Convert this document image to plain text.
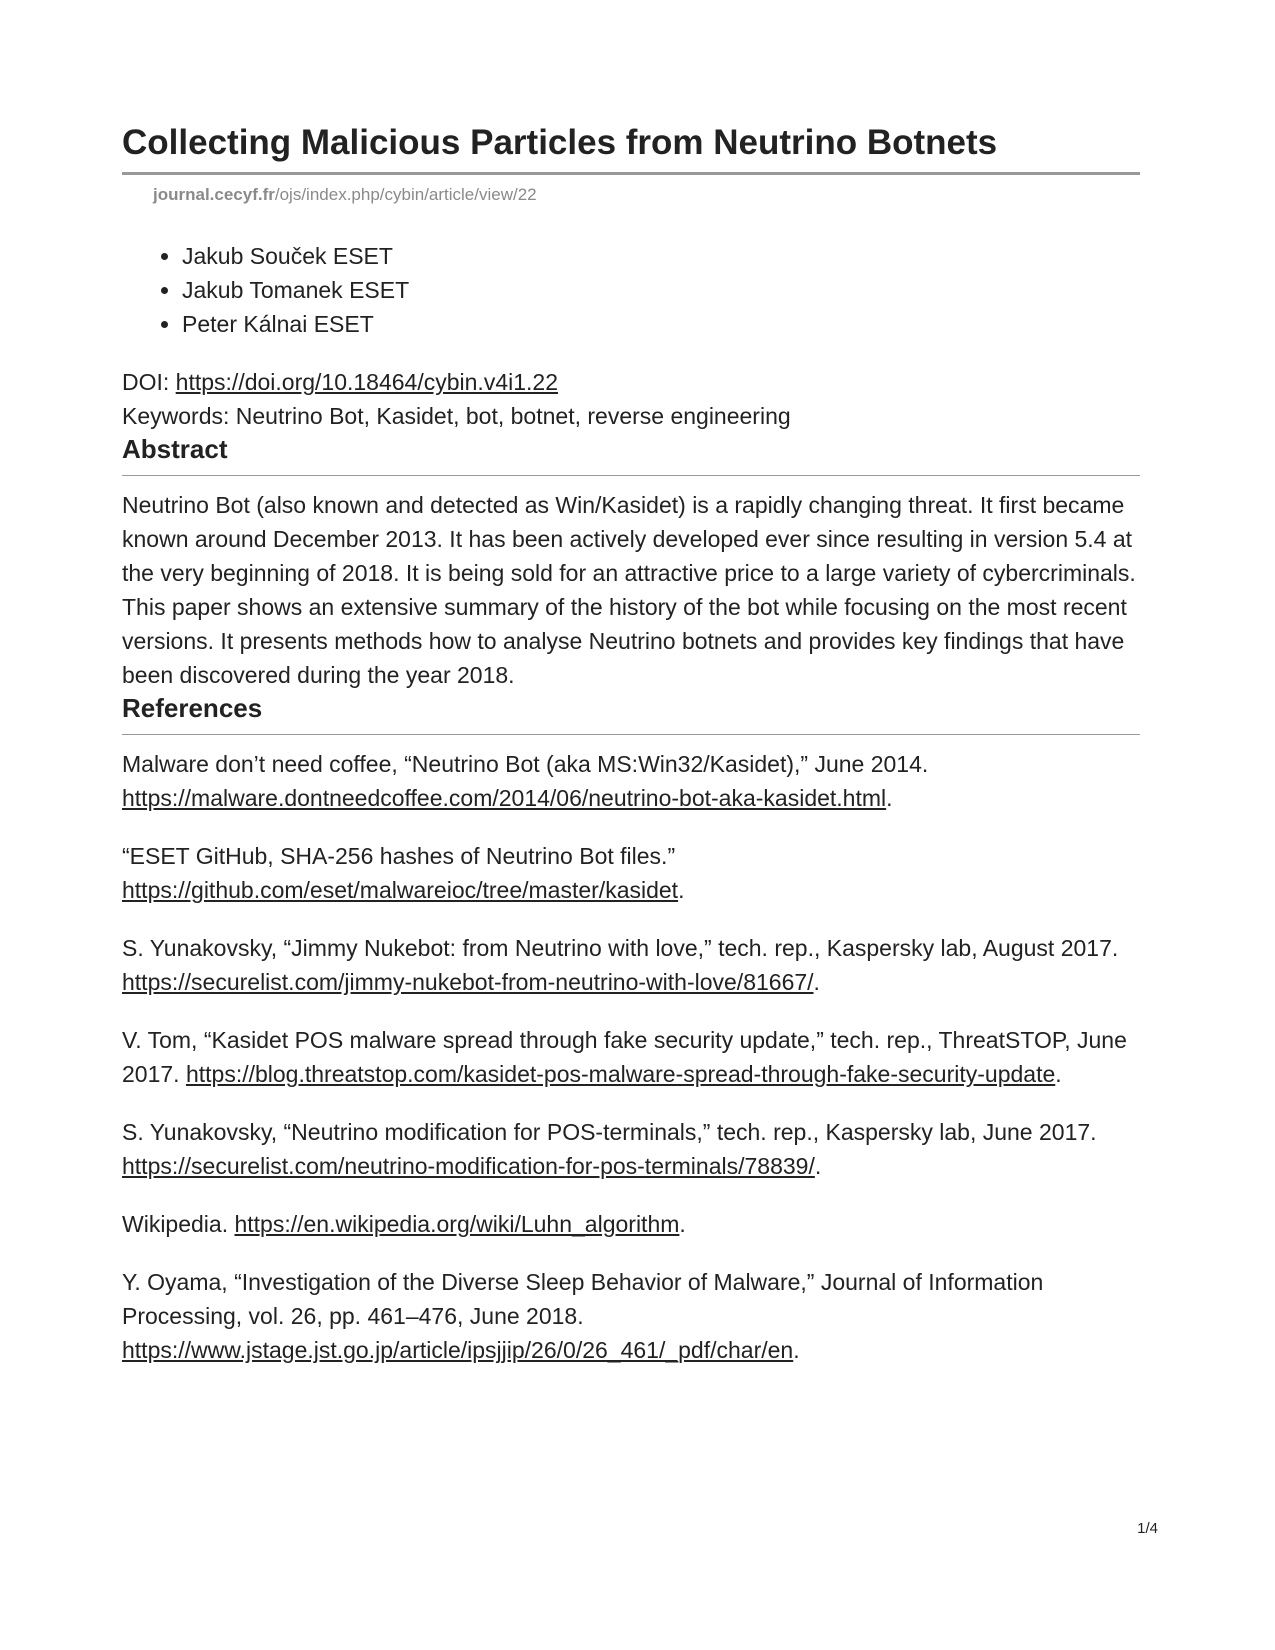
Collecting Malicious Particles from Neutrino Botnets
journal.cecyf.fr/ojs/index.php/cybin/article/view/22
• Jakub Souček ESET
• Jakub Tomanek ESET
• Peter Kálnai ESET
DOI: https://doi.org/10.18464/cybin.v4i1.22
Keywords: Neutrino Bot, Kasidet, bot, botnet, reverse engineering
Abstract

Neutrino Bot (also known and detected as Win/Kasidet) is a rapidly changing threat. It first became known around December 2013. It has been actively developed ever since resulting in version 5.4 at the very beginning of 2018. It is being sold for an attractive price to a large variety of cybercriminals.

This paper shows an extensive summary of the history of the bot while focusing on the most recent versions. It presents methods how to analyse Neutrino botnets and provides key findings that have been discovered during the year 2018.

References
Malware don’t need coffee, “Neutrino Bot (aka MS:Win32/Kasidet),” June 2014. https://malware.dontneedcoffee.com/2014/06/neutrino-bot-aka-kasidet.html.
“ESET GitHub, SHA-256 hashes of Neutrino Bot files.” https://github.com/eset/malwareioc/tree/master/kasidet.
S. Yunakovsky, “Jimmy Nukebot: from Neutrino with love,” tech. rep., Kaspersky lab, August 2017. https://securelist.com/jimmy-nukebot-from-neutrino-with-love/81667/.
V. Tom, “Kasidet POS malware spread through fake security update,” tech. rep., ThreatSTOP, June 2017. https://blog.threatstop.com/kasidet-pos-malware-spread-through-fake-security-update.
S. Yunakovsky, “Neutrino modification for POS-terminals,” tech. rep., Kaspersky lab, June 2017. https://securelist.com/neutrino-modification-for-pos-terminals/78839/.
Wikipedia. https://en.wikipedia.org/wiki/Luhn_algorithm.
Y. Oyama, “Investigation of the Diverse Sleep Behavior of Malware,” Journal of Information Processing, vol. 26, pp. 461–476, June 2018. https://www.jstage.jst.go.jp/article/ipsjjip/26/0/26_461/_pdf/char/en.
1/4
